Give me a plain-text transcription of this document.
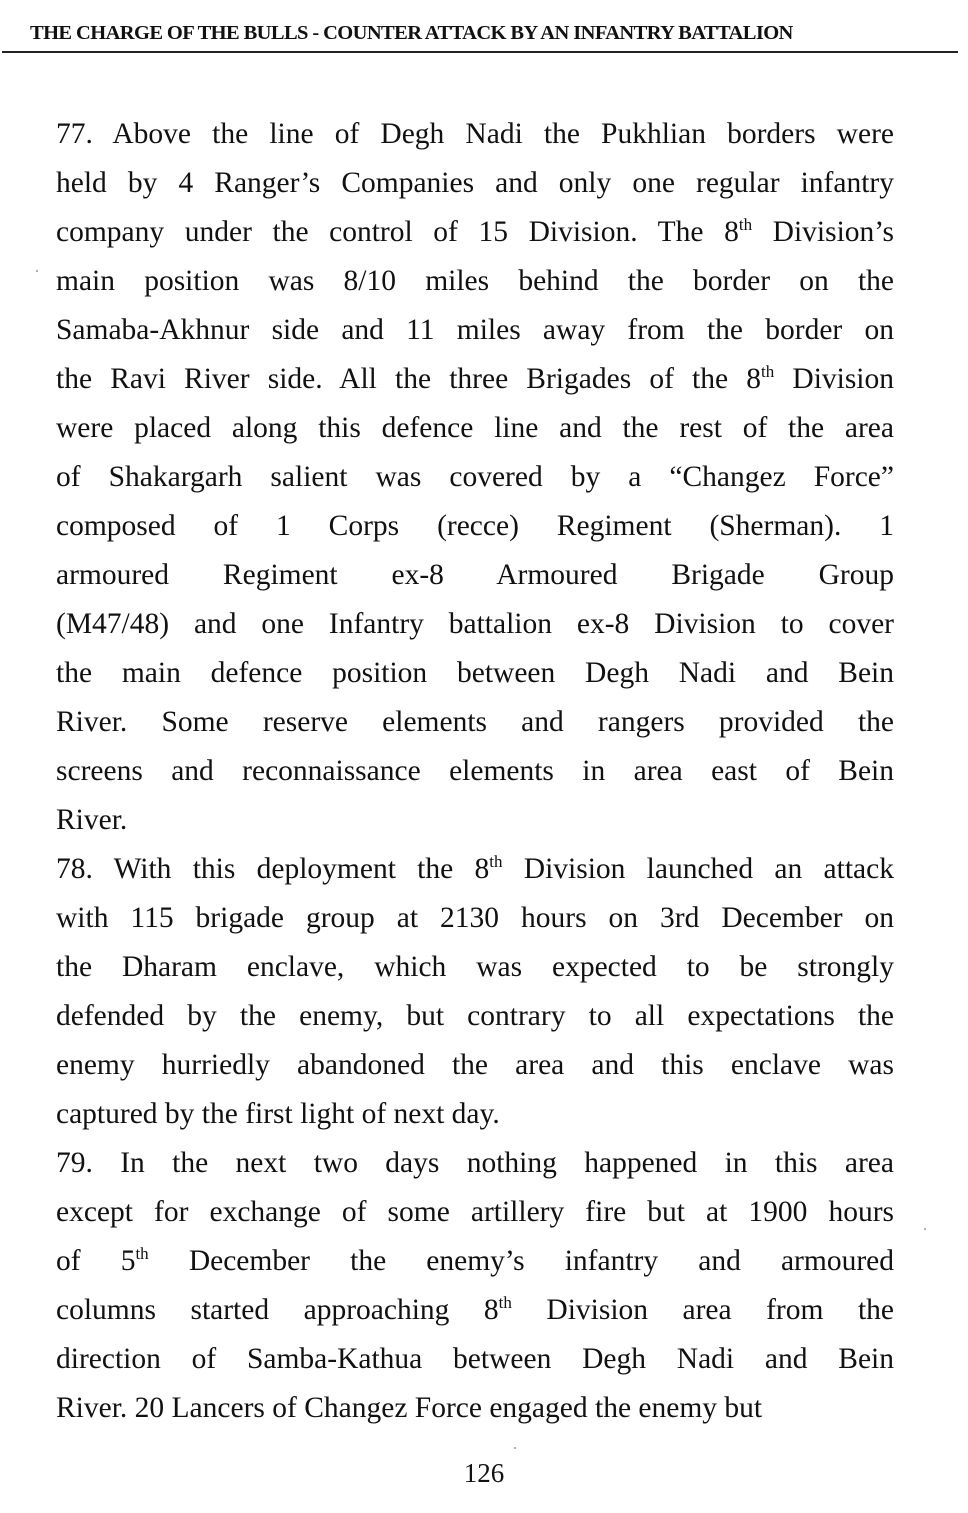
THE CHARGE OF THE BULLS - COUNTER ATTACK BY AN INFANTRY BATTALION
77. Above the line of Degh Nadi the Pukhlian borders were
held by 4 Ranger’s Companies and only one regular infantry
company under the control of 15 Division. The 8th Division’s
main position was 8/10 miles behind the border on the
Samaba-Akhnur side and 11 miles away from the border on
the Ravi River side. All the three Brigades of the 8th Division
were placed along this defence line and the rest of the area
of Shakargarh salient was covered by a “Changez Force”
composed of 1 Corps (recce) Regiment (Sherman). 1
armoured Regiment ex-8 Armoured Brigade Group
(M47/48) and one Infantry battalion ex-8 Division to cover
the main defence position between Degh Nadi and Bein
River. Some reserve elements and rangers provided the
screens and reconnaissance elements in area east of Bein
River.
78. With this deployment the 8th Division launched an attack
with 115 brigade group at 2130 hours on 3rd December on
the Dharam enclave, which was expected to be strongly
defended by the enemy, but contrary to all expectations the
enemy hurriedly abandoned the area and this enclave was
captured by the first light of next day.
79. In the next two days nothing happened in this area
except for exchange of some artillery fire but at 1900 hours
of 5th December the enemy’s infantry and armoured
columns started approaching 8th Division area from the
direction of Samba-Kathua between Degh Nadi and Bein
River. 20 Lancers of Changez Force engaged the enemy but
126
